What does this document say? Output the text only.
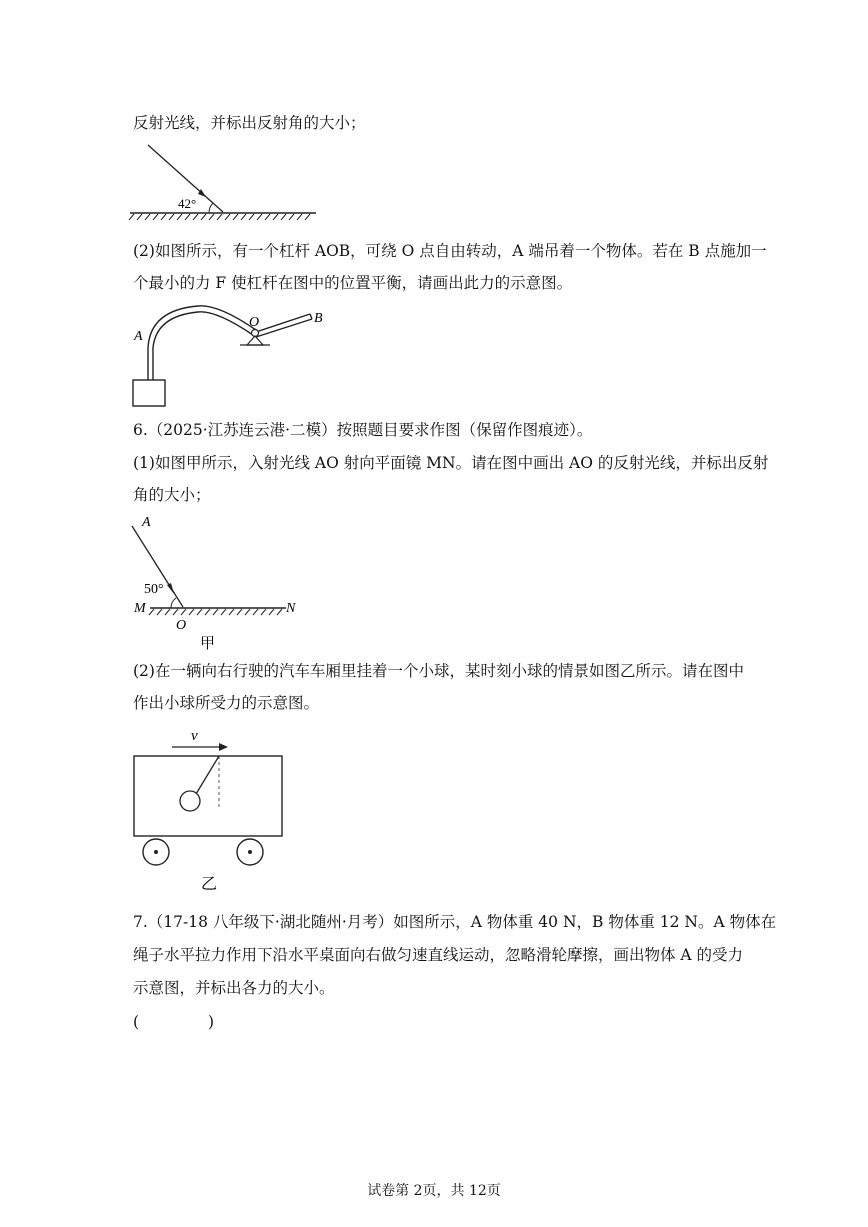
反射光线，并标出反射角的大小；
42°
(2)如图所示，有一个杠杆 AOB，可绕 O 点自由转动，A 端吊着一个物体。若在 B 点施加一
个最小的力 F 使杠杆在图中的位置平衡，请画出此力的示意图。
A
O	B
6.（2025·江苏连云港·二模）按照题目要求作图（保留作图痕迹）。
(1)如图甲所示，入射光线 AO 射向平面镜 MN。请在图中画出 AO 的反射光线，并标出反射
角的大小；
A
50°
M	N
O
甲
(2)在一辆向右行驶的汽车车厢里挂着一个小球，某时刻小球的情景如图乙所示。请在图中
作出小球所受力的示意图。
v
乙
7.（17-18 八年级下·湖北随州·月考）如图所示，A 物体重 40 N，B 物体重 12 N。A 物体在
绳子水平拉力作用下沿水平桌面向右做匀速直线运动，忽略滑轮摩擦，画出物体 A 的受力
示意图，并标出各力的大小。
(              )
试卷第 2页，共 12页
